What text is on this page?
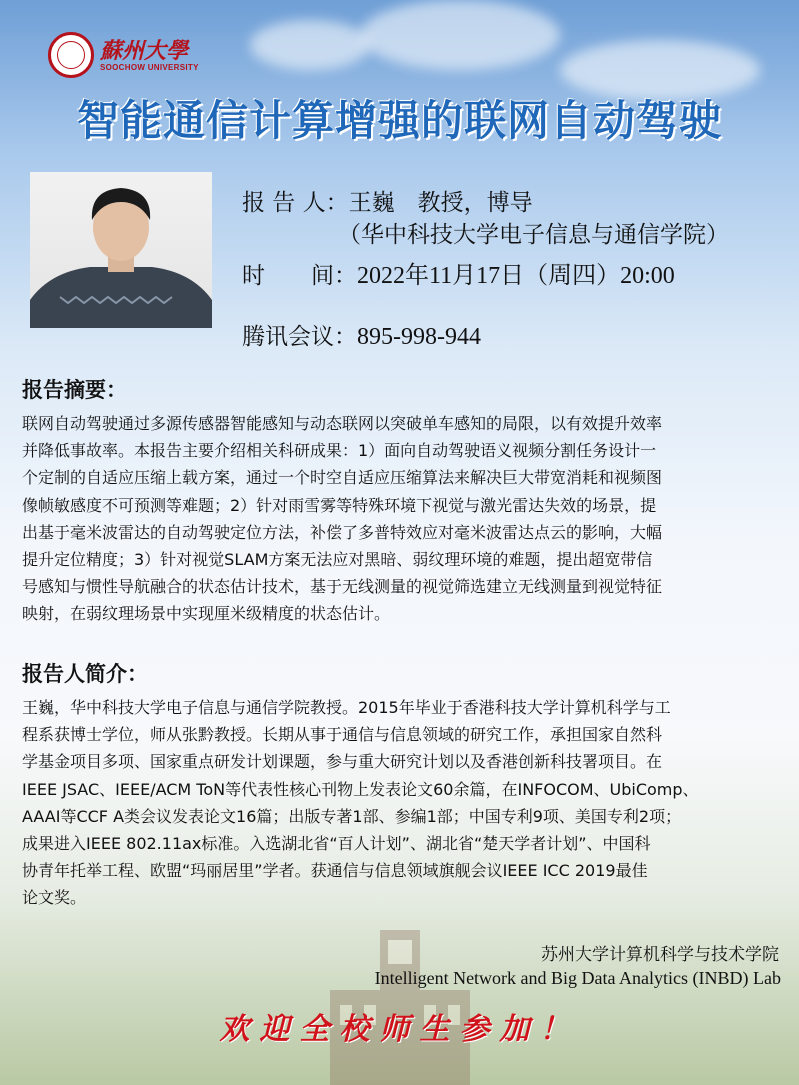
蘇州大學
SOOCHOW UNIVERSITY
智能通信计算增强的联网自动驾驶
报 告 人：王巍　教授，博导
（华中科技大学电子信息与通信学院）
时　　间：2022年11月17日（周四）20:00
腾讯会议：895-998-944
报告摘要：
联网自动驾驶通过多源传感器智能感知与动态联网以突破单车感知的局限，以有效提升效率
并降低事故率。本报告主要介绍相关科研成果：1）面向自动驾驶语义视频分割任务设计一
个定制的自适应压缩上载方案，通过一个时空自适应压缩算法来解决巨大带宽消耗和视频图
像帧敏感度不可预测等难题；2）针对雨雪雾等特殊环境下视觉与激光雷达失效的场景，提
出基于毫米波雷达的自动驾驶定位方法，补偿了多普特效应对毫米波雷达点云的影响，大幅
提升定位精度；3）针对视觉SLAM方案无法应对黑暗、弱纹理环境的难题，提出超宽带信
号感知与惯性导航融合的状态估计技术，基于无线测量的视觉筛选建立无线测量到视觉特征
映射，在弱纹理场景中实现厘米级精度的状态估计。
报告人简介：
王巍，华中科技大学电子信息与通信学院教授。2015年毕业于香港科技大学计算机科学与工
程系获博士学位，师从张黔教授。长期从事于通信与信息领域的研究工作，承担国家自然科
学基金项目多项、国家重点研发计划课题，参与重大研究计划以及香港创新科技署项目。在
IEEE JSAC、IEEE/ACM ToN等代表性核心刊物上发表论文60余篇，在INFOCOM、UbiComp、
AAAI等CCF A类会议发表论文16篇；出版专著1部、参编1部；中国专利9项、美国专利2项；
成果进入IEEE 802.11ax标准。入选湖北省“百人计划”、湖北省“楚天学者计划”、中国科
协青年托举工程、欧盟“玛丽居里”学者。获通信与信息领域旗舰会议IEEE ICC 2019最佳
论文奖。
苏州大学计算机科学与技术学院
Intelligent Network and Big Data Analytics (INBD) Lab
欢迎全校师生参加！
